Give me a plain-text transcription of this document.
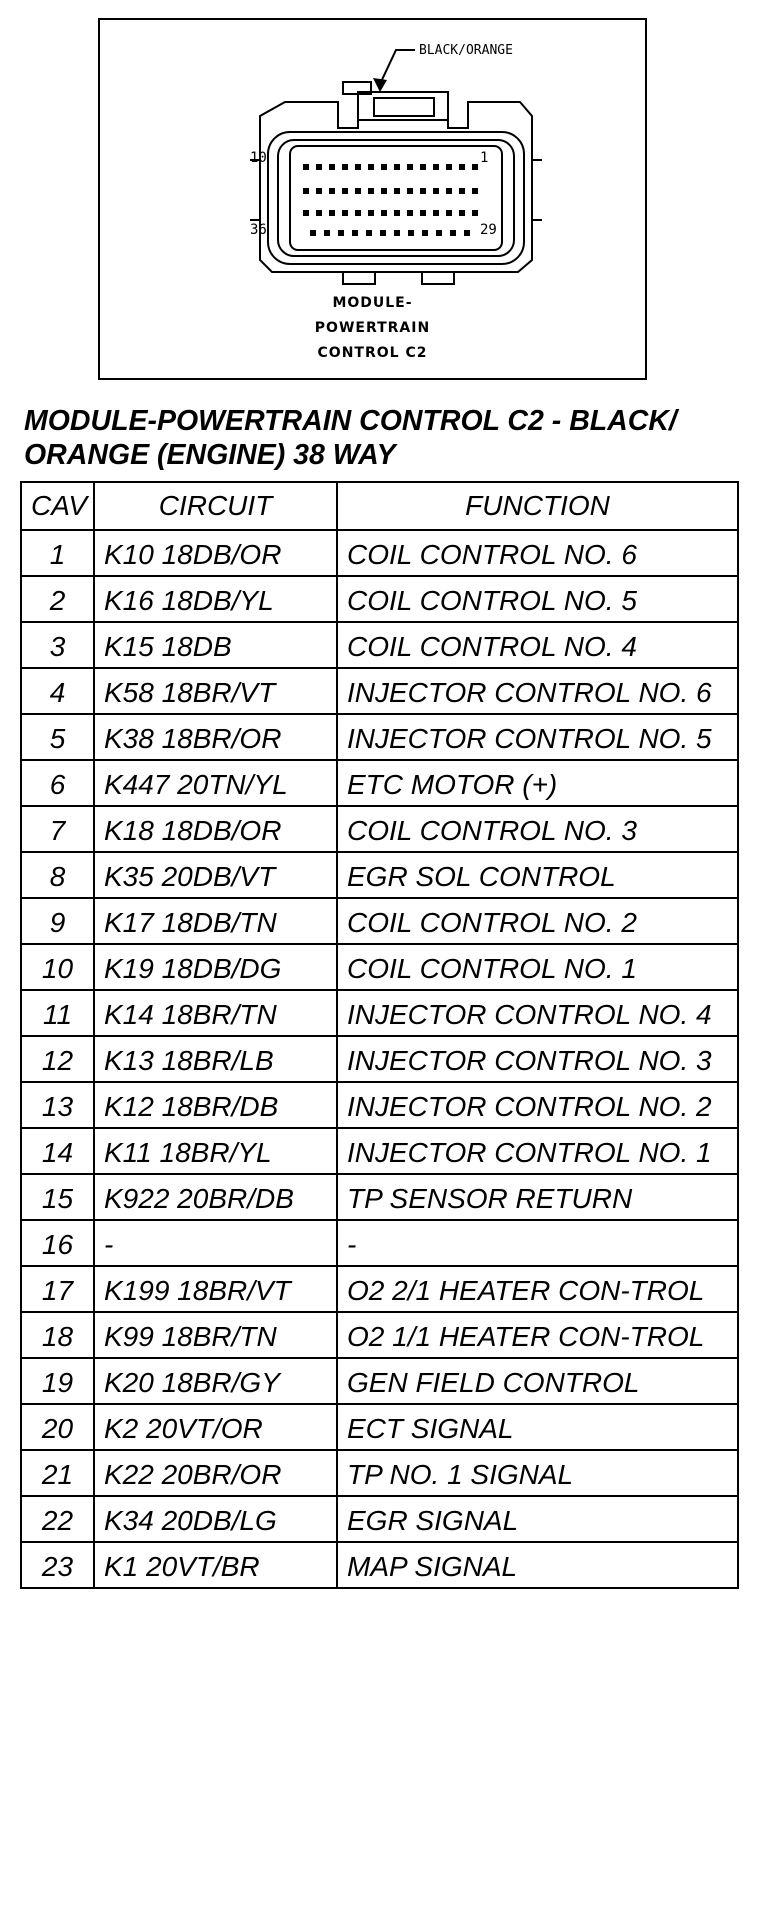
BLACK/ORANGE
10	1
36	29
MODULE-
POWERTRAIN
CONTROL C2
MODULE-POWERTRAIN CONTROL C2 - BLACK/ ORANGE (ENGINE) 38 WAY
CAV	CIRCUIT	FUNCTION
1	K10 18DB/OR	COIL CONTROL NO. 6
2	K16 18DB/YL	COIL CONTROL NO. 5
3	K15 18DB	COIL CONTROL NO. 4
4	K58 18BR/VT	INJECTOR CONTROL NO. 6
5	K38 18BR/OR	INJECTOR CONTROL NO. 5
6	K447 20TN/YL	ETC MOTOR (+)
7	K18 18DB/OR	COIL CONTROL NO. 3
8	K35 20DB/VT	EGR SOL CONTROL
9	K17 18DB/TN	COIL CONTROL NO. 2
10	K19 18DB/DG	COIL CONTROL NO. 1
11	K14 18BR/TN	INJECTOR CONTROL NO. 4
12	K13 18BR/LB	INJECTOR CONTROL NO. 3
13	K12 18BR/DB	INJECTOR CONTROL NO. 2
14	K11 18BR/YL	INJECTOR CONTROL NO. 1
15	K922 20BR/DB	TP SENSOR RETURN
16	-	-
17	K199 18BR/VT	O2 2/1 HEATER CON-TROL
18	K99 18BR/TN	O2 1/1 HEATER CON-TROL
19	K20 18BR/GY	GEN FIELD CONTROL
20	K2 20VT/OR	ECT SIGNAL
21	K22 20BR/OR	TP NO. 1 SIGNAL
22	K34 20DB/LG	EGR SIGNAL
23	K1 20VT/BR	MAP SIGNAL
